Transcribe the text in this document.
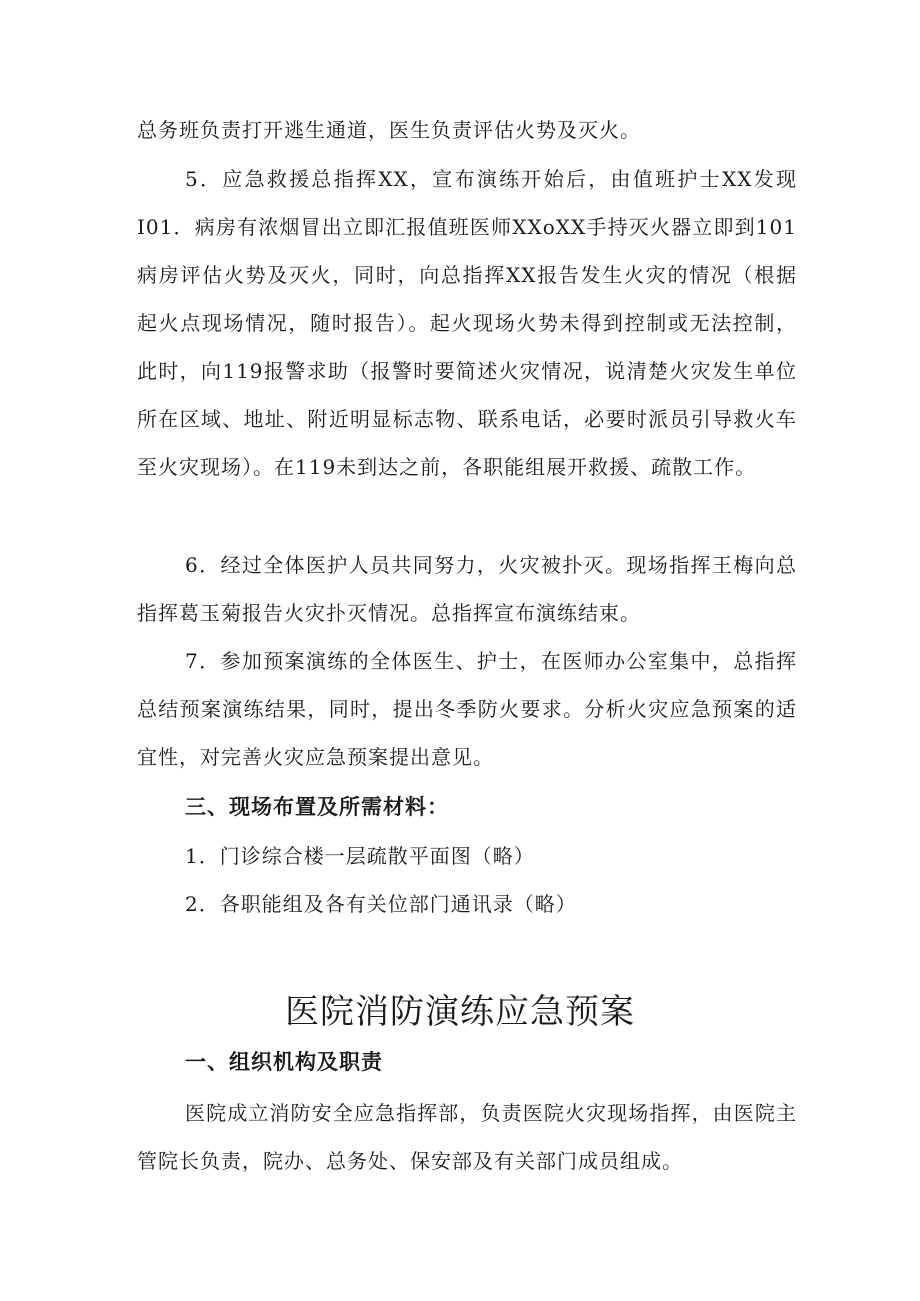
总务班负责打开逃生通道，医生负责评估火势及灭火。

5．应急救援总指挥XX，宣布演练开始后，由值班护士XX发现I01．病房有浓烟冒出立即汇报值班医师XXoXX手持灭火器立即到101病房评估火势及灭火，同时，向总指挥XX报告发生火灾的情况（根据起火点现场情况，随时报告）。起火现场火势未得到控制或无法控制，此时，向119报警求助（报警时要简述火灾情况，说清楚火灾发生单位所在区域、地址、附近明显标志物、联系电话，必要时派员引导救火车至火灾现场）。在119未到达之前，各职能组展开救援、疏散工作。

6．经过全体医护人员共同努力，火灾被扑灭。现场指挥王梅向总指挥葛玉菊报告火灾扑灭情况。总指挥宣布演练结束。

7．参加预案演练的全体医生、护士，在医师办公室集中，总指挥总结预案演练结果，同时，提出冬季防火要求。分析火灾应急预案的适宜性，对完善火灾应急预案提出意见。

三、现场布置及所需材料：

1．门诊综合楼一层疏散平面图（略）

2．各职能组及各有关位部门通讯录（略）

医院消防演练应急预案
一、组织机构及职责

医院成立消防安全应急指挥部，负责医院火灾现场指挥，由医院主管院长负责，院办、总务处、保安部及有关部门成员组成。
